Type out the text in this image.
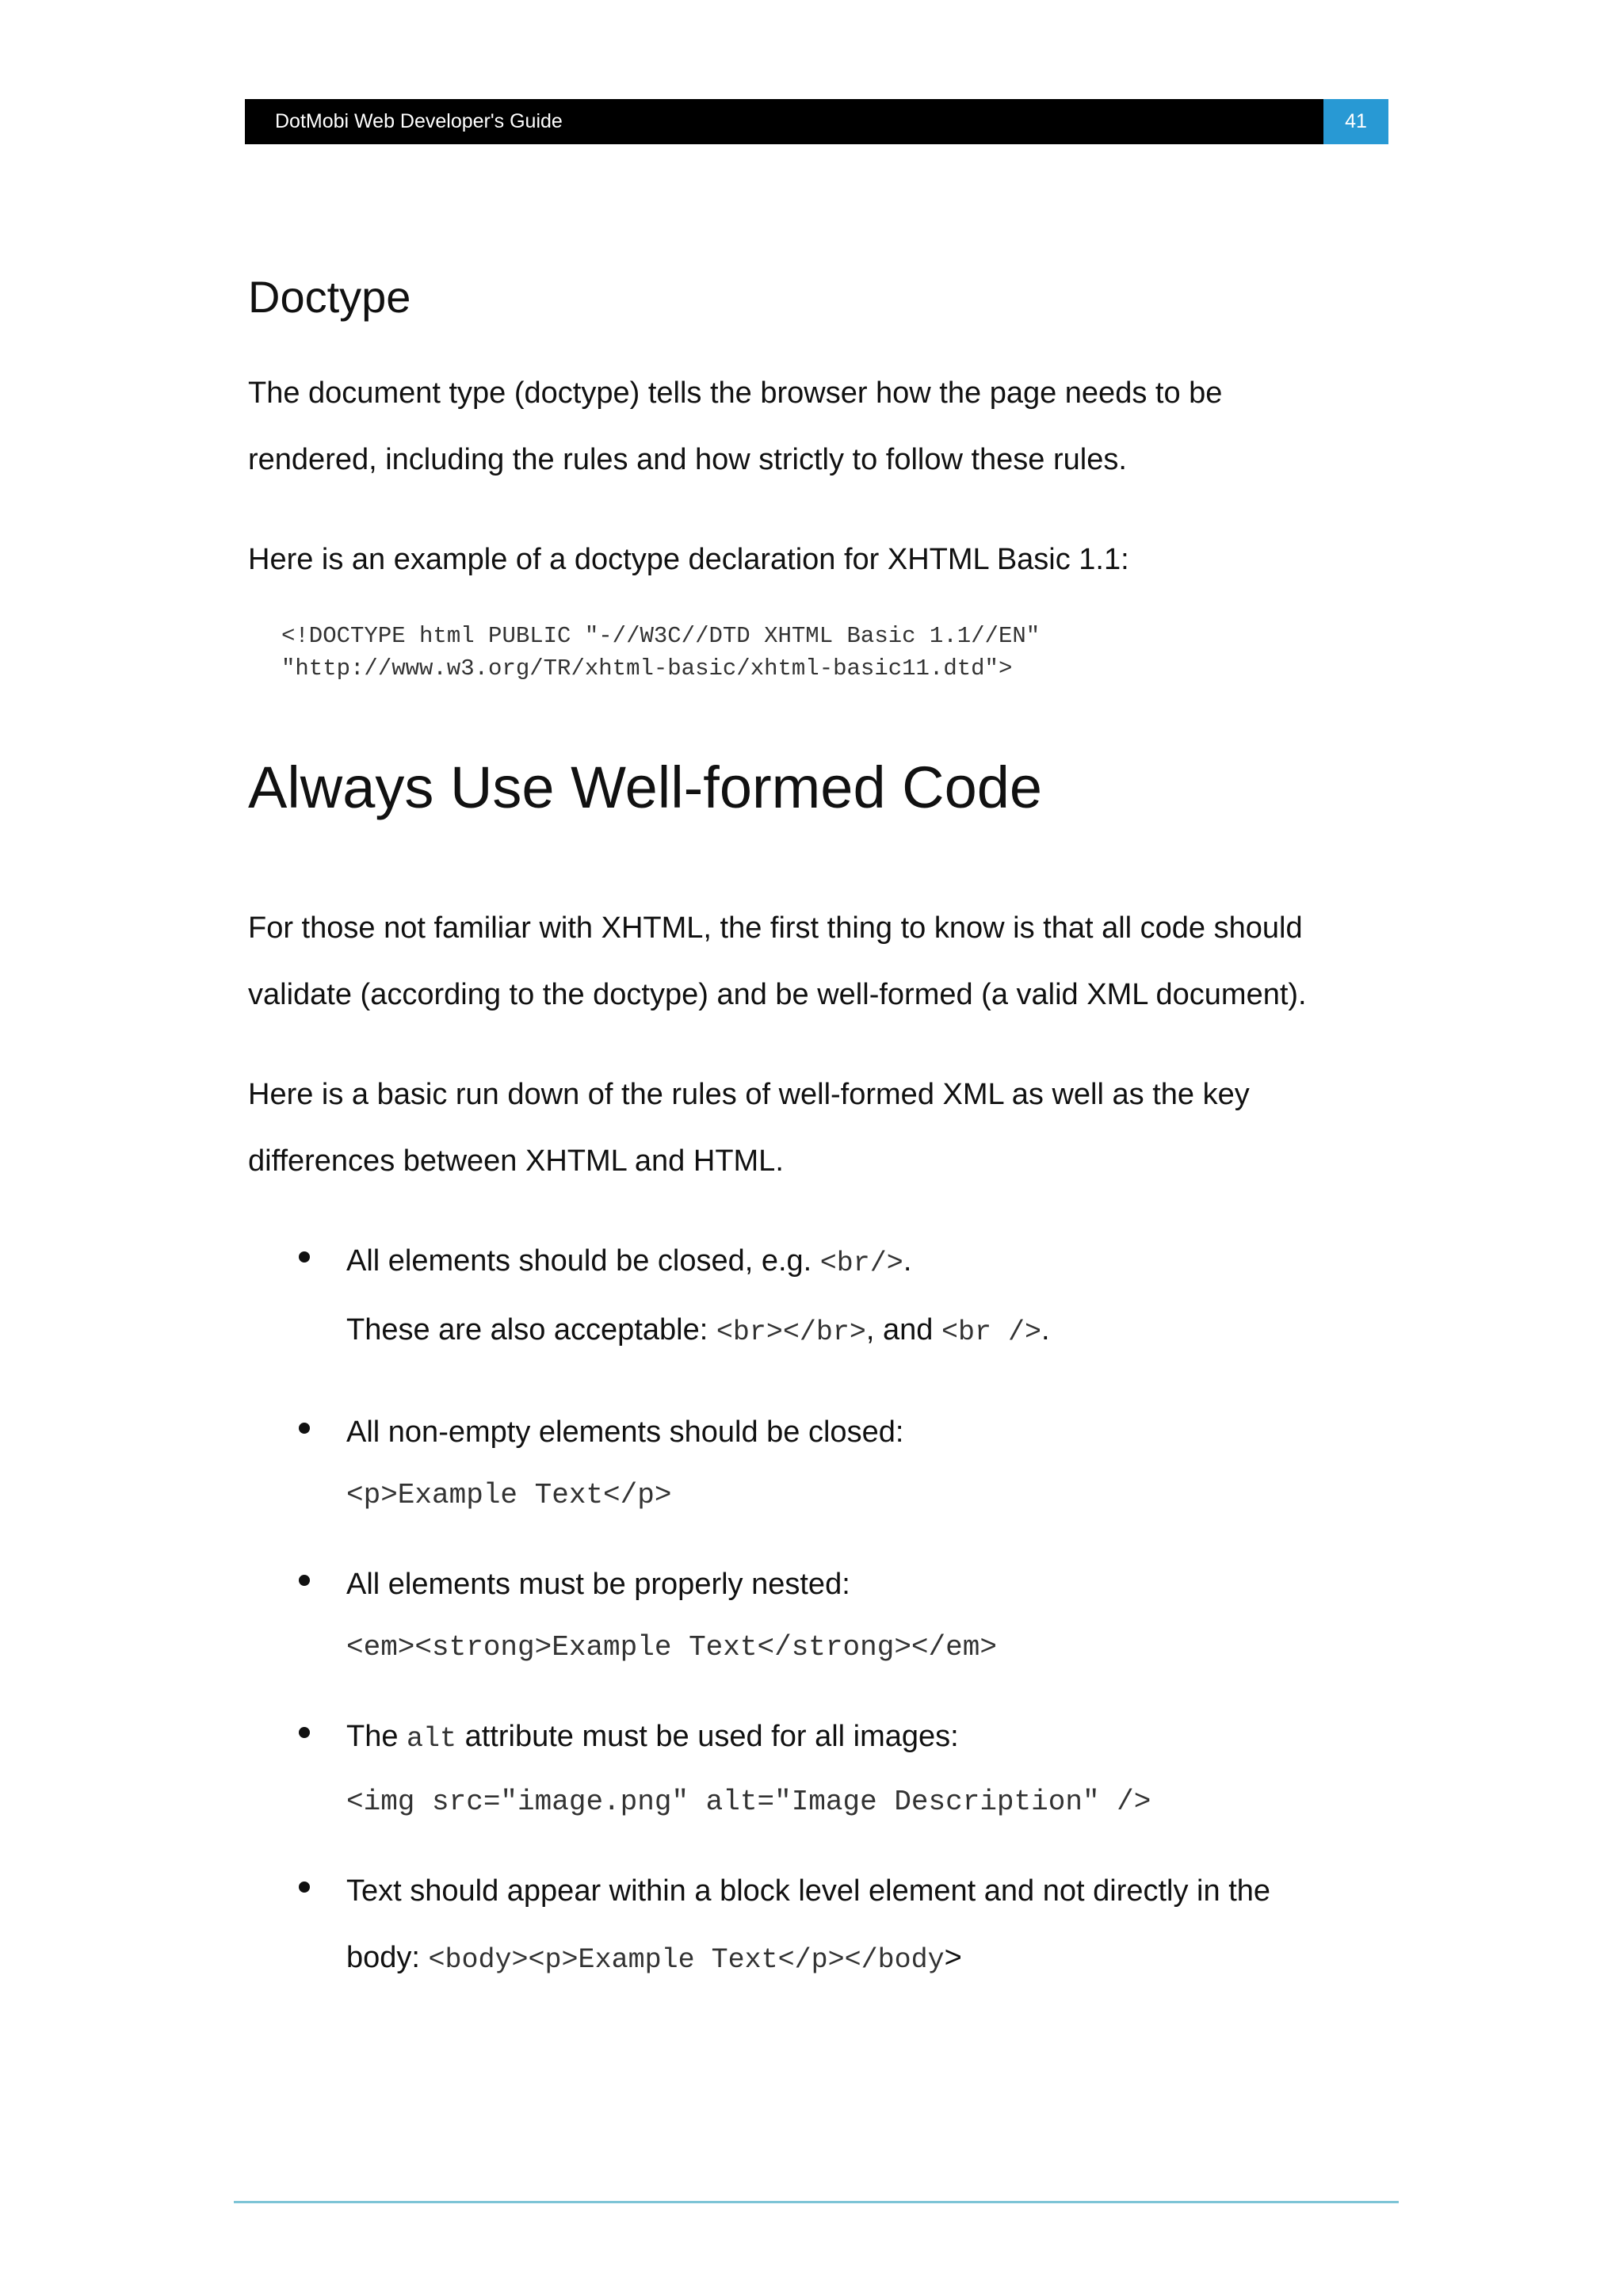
DotMobi Web Developer's Guide	41
Doctype

The document type (doctype) tells the browser how the page needs to be

rendered, including the rules and how strictly to follow these rules.

Here is an example of a doctype declaration for XHTML Basic 1.1:

<!DOCTYPE html PUBLIC "-//W3C//DTD XHTML Basic 1.1//EN"
"http://www.w3.org/TR/xhtml-basic/xhtml-basic11.dtd">
Always Use Well-formed Code

For those not familiar with XHTML, the first thing to know is that all code should

validate (according to the doctype) and be well-formed (a valid XML document).

Here is a basic run down of the rules of well-formed XML as well as the key

differences between XHTML and HTML.

All elements should be closed, e.g. <br/>.
These are also acceptable: <br></br>, and <br />.
All non-empty elements should be closed:
<p>Example Text</p>
All elements must be properly nested:
<em><strong>Example Text</strong></em>
The alt attribute must be used for all images:
<img src="image.png" alt="Image Description" />
Text should appear within a block level element and not directly in the
body: <body><p>Example Text</p></body>
